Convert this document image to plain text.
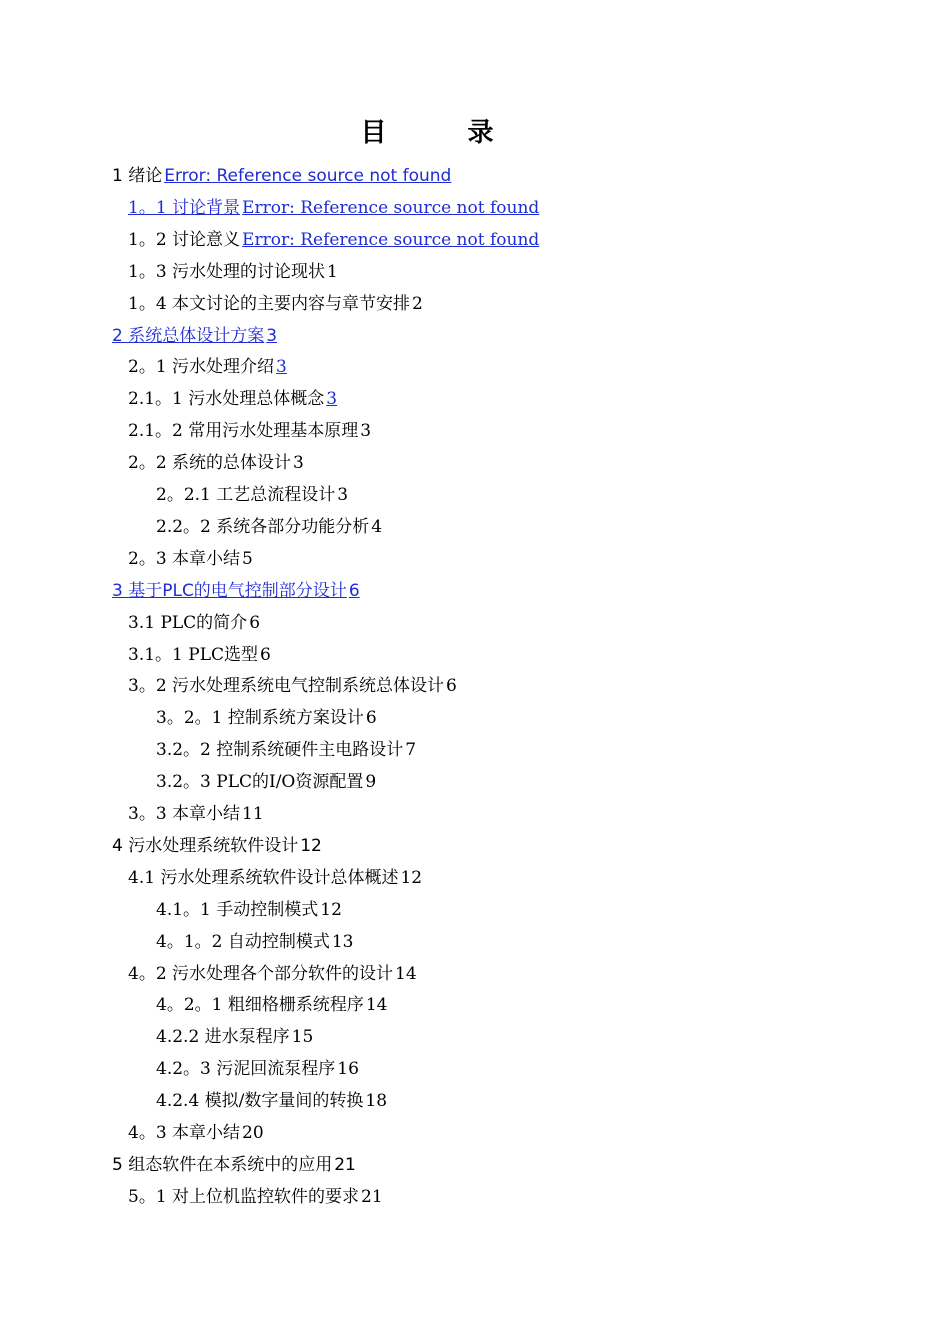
目 录
1 绪论 Error: Reference source not found
1。1 讨论背景 Error: Reference source not found
1。2 讨论意义 Error: Reference source not found
1。3 污水处理的讨论现状 1
1。4 本文讨论的主要内容与章节安排 2
2 系统总体设计方案 3
2。1 污水处理介绍 3
2.1。1 污水处理总体概念 3
2.1。2 常用污水处理基本原理 3
2。2 系统的总体设计 3
2。2.1 工艺总流程设计 3
2.2。2 系统各部分功能分析 4
2。3 本章小结 5
3 基于PLC的电气控制部分设计 6
3.1 PLC的简介 6
3.1。1 PLC选型 6
3。2 污水处理系统电气控制系统总体设计 6
3。2。1 控制系统方案设计 6
3.2。2 控制系统硬件主电路设计 7
3.2。3 PLC的I/O资源配置 9
3。3 本章小结 11
4 污水处理系统软件设计 12
4.1 污水处理系统软件设计总体概述 12
4.1。1 手动控制模式 12
4。1。2 自动控制模式 13
4。2 污水处理各个部分软件的设计 14
4。2。1 粗细格栅系统程序 14
4.2.2 进水泵程序 15
4.2。3 污泥回流泵程序 16
4.2.4 模拟/数字量间的转换 18
4。3 本章小结 20
5 组态软件在本系统中的应用 21
5。1 对上位机监控软件的要求 21
